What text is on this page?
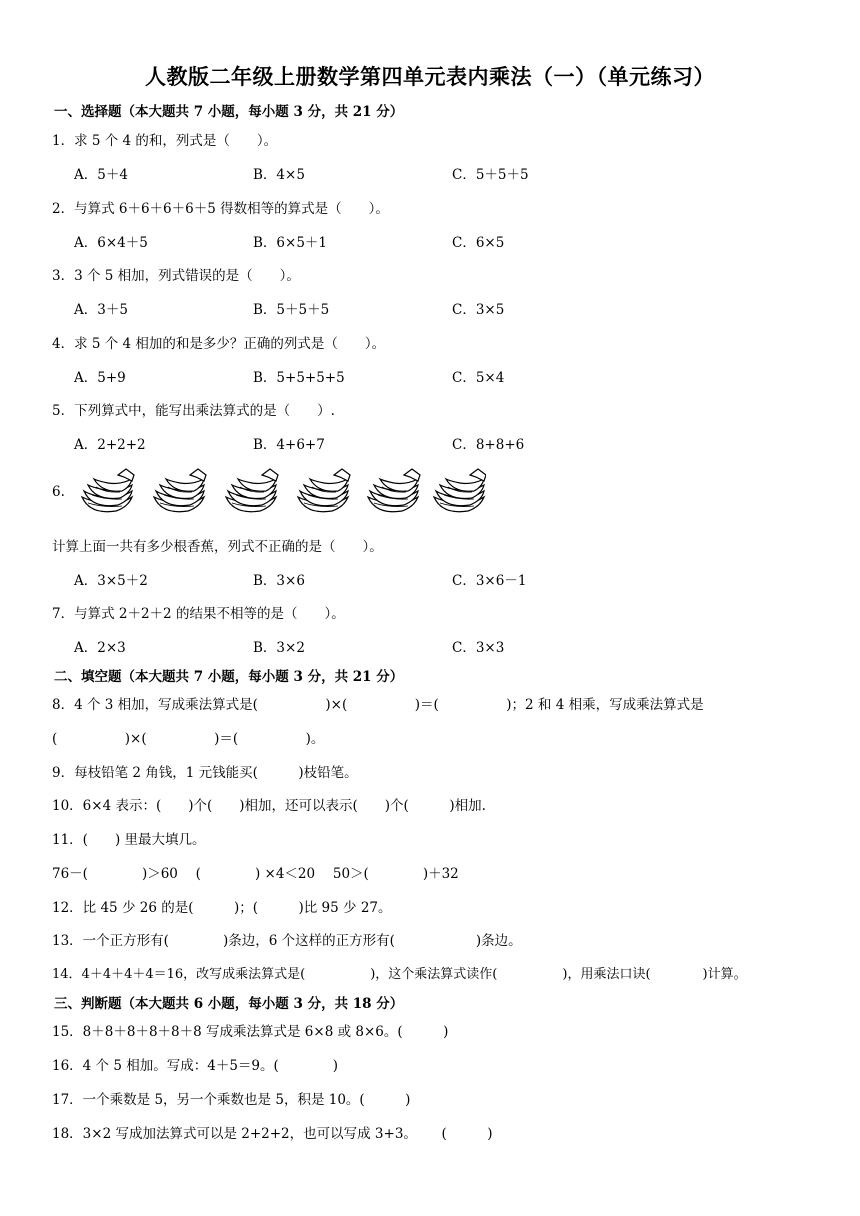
人教版二年级上册数学第四单元表内乘法（一）（单元练习）
一、选择题（本大题共 7 小题，每小题 3 分，共 21 分）
1．求 5 个 4 的和，列式是（　　）。
A．5＋4	B．4×5	C．5＋5＋5
2．与算式 6＋6＋6＋6＋5 得数相等的算式是（　　）。
A．6×4＋5	B．6×5＋1	C．6×5
3．3 个 5 相加，列式错误的是（　　）。
A．3＋5	B．5＋5＋5	C．3×5
4．求 5 个 4 相加的和是多少？正确的列式是（　　）。
A．5+9	B．5+5+5+5	C．5×4
5．下列算式中，能写出乘法算式的是（　　）.
A．2+2+2	B．4+6+7	C．8+8+6
6.
计算上面一共有多少根香蕉，列式不正确的是（　　）。
A．3×5＋2	B．3×6	C．3×6－1
7．与算式 2＋2＋2 的结果不相等的是（　　）。
A．2×3	B．3×2	C．3×3
二、填空题（本大题共 7 小题，每小题 3 分，共 21 分）
8．4 个 3 相加，写成乘法算式是(　　　　　)×(　　　　　)＝(　　　　　)；2 和 4 相乘，写成乘法算式是
(　　　　　)×(　　　　　)＝(　　　　　)。
9．每枝铅笔 2 角钱，1 元钱能买(　　　)枝铅笔。
10．6×4 表示：(　　)个(　　)相加，还可以表示(　　)个(　　　)相加.
11．(　　) 里最大填几。
76－(　　　　)＞60　 (　　　　) ×4＜20　 50＞(　　　　)＋32
12．比 45 少 26 的是(　　　)；(　　　)比 95 少 27。
13．一个正方形有(　　　　)条边，6 个这样的正方形有(　　　　　　)条边。
14．4＋4＋4＋4＝16，改写成乘法算式是(　　　　　)，这个乘法算式读作(　　　　　)，用乘法口诀(　　　　)计算。
三、判断题（本大题共 6 小题，每小题 3 分，共 18 分）
15．8＋8＋8＋8＋8＋8 写成乘法算式是 6×8 或 8×6。(　　　)
16．4 个 5 相加。写成：4＋5＝9。(　　　　)
17．一个乘数是 5，另一个乘数也是 5，积是 10。(　　　)
18．3×2 写成加法算式可以是 2+2+2，也可以写成 3+3。　　 (　　　)
